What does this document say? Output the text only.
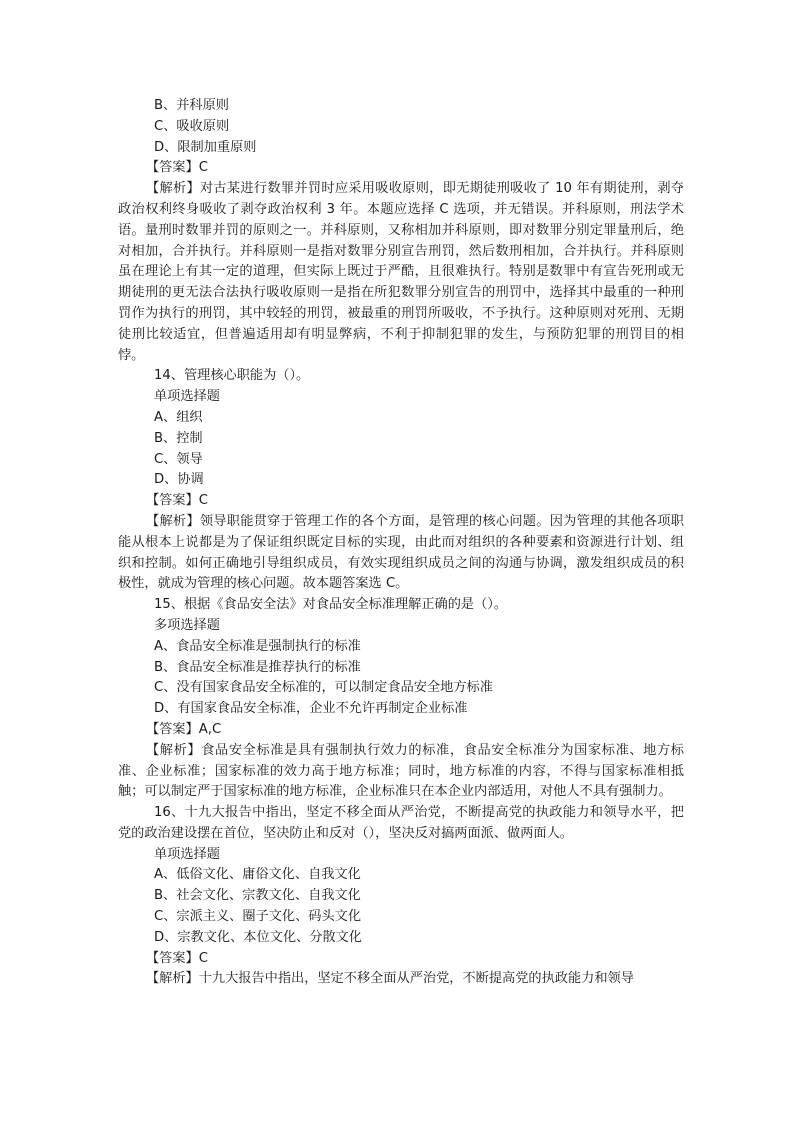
B、并科原则
C、吸收原则
D、限制加重原则
【答案】C
【解析】对古某进行数罪并罚时应采用吸收原则，即无期徒刑吸收了 10 年有期徒刑，剥夺政治权利终身吸收了剥夺政治权利 3 年。本题应选择 C 选项，并无错误。并科原则，刑法学术语。量刑时数罪并罚的原则之一。并科原则，又称相加并科原则，即对数罪分别定罪量刑后，绝对相加，合并执行。并科原则一是指对数罪分别宣告刑罚，然后数刑相加，合并执行。并科原则虽在理论上有其一定的道理，但实际上既过于严酷，且很难执行。特别是数罪中有宣告死刑或无期徒刑的更无法合法执行吸收原则一是指在所犯数罪分别宣告的刑罚中，选择其中最重的一种刑罚作为执行的刑罚，其中较轻的刑罚，被最重的刑罚所吸收，不予执行。这种原则对死刑、无期徒刑比较适宜，但普遍适用却有明显弊病，不利于抑制犯罪的发生，与预防犯罪的刑罚目的相悖。
14、管理核心职能为（）。
单项选择题
A、组织
B、控制
C、领导
D、协调
【答案】C
【解析】领导职能贯穿于管理工作的各个方面，是管理的核心问题。因为管理的其他各项职能从根本上说都是为了保证组织既定目标的实现，由此而对组织的各种要素和资源进行计划、组织和控制。如何正确地引导组织成员，有效实现组织成员之间的沟通与协调，激发组织成员的积极性，就成为管理的核心问题。故本题答案选 C。
15、根据《食品安全法》对食品安全标准理解正确的是（）。
多项选择题
A、食品安全标准是强制执行的标准
B、食品安全标准是推荐执行的标准
C、没有国家食品安全标准的，可以制定食品安全地方标准
D、有国家食品安全标准，企业不允许再制定企业标准
【答案】A,C
【解析】食品安全标准是具有强制执行效力的标准，食品安全标准分为国家标准、地方标准、企业标准；国家标准的效力高于地方标准；同时，地方标准的内容，不得与国家标准相抵触；可以制定严于国家标准的地方标准，企业标准只在本企业内部适用，对他人不具有强制力。
16、十九大报告中指出，坚定不移全面从严治党，不断提高党的执政能力和领导水平，把党的政治建设摆在首位，坚决防止和反对（），坚决反对搞两面派、做两面人。
单项选择题
A、低俗文化、庸俗文化、自我文化
B、社会文化、宗教文化、自我文化
C、宗派主义、圈子文化、码头文化
D、宗教文化、本位文化、分散文化
【答案】C
【解析】十九大报告中指出，坚定不移全面从严治党，不断提高党的执政能力和领导
